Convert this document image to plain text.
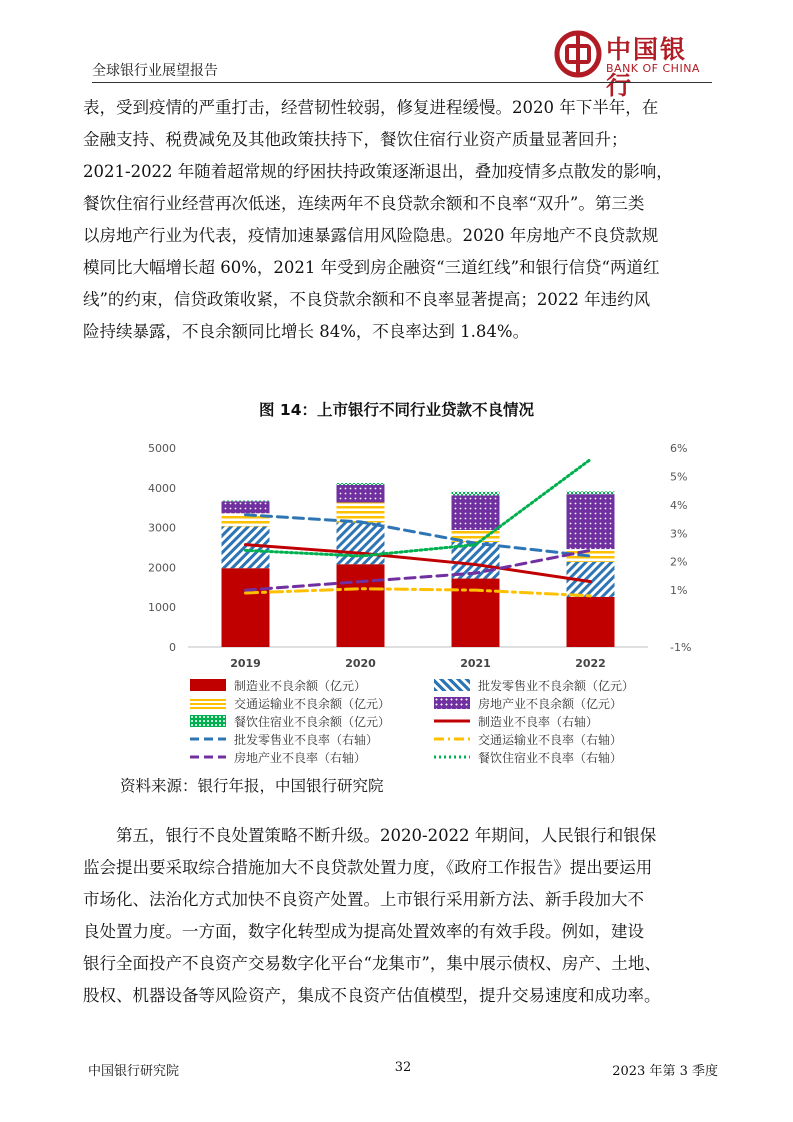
全球银行业展望报告
中国银行
BANK OF CHINA
表，受到疫情的严重打击，经营韧性较弱，修复进程缓慢。2020 年下半年，在
金融支持、税费减免及其他政策扶持下，餐饮住宿行业资产质量显著回升；
2021-2022 年随着超常规的纾困扶持政策逐渐退出，叠加疫情多点散发的影响，
餐饮住宿行业经营再次低迷，连续两年不良贷款余额和不良率“双升”。第三类
以房地产行业为代表，疫情加速暴露信用风险隐患。2020 年房地产不良贷款规
模同比大幅增长超 60%，2021 年受到房企融资“三道红线”和银行信贷“两道红
线”的约束，信贷政策收紧，不良贷款余额和不良率显著提高；2022 年违约风
险持续暴露，不良余额同比增长 84%，不良率达到 1.84%。
图 14：上市银行不同行业贷款不良情况
0
1000
2000
3000
4000
5000
-1%
1%
2%
3%
4%
5%
6%
2019	2020	2021	2022
制造业不良余额（亿元）	批发零售业不良余额（亿元）
交通运输业不良余额（亿元）	房地产业不良余额（亿元）
餐饮住宿业不良余额（亿元）	制造业不良率（右轴）
批发零售业不良率（右轴）	交通运输业不良率（右轴）
房地产业不良率（右轴）	餐饮住宿业不良率（右轴）
资料来源：银行年报，中国银行研究院
第五，银行不良处置策略不断升级。2020-2022 年期间，人民银行和银保
监会提出要采取综合措施加大不良贷款处置力度，《政府工作报告》提出要运用
市场化、法治化方式加快不良资产处置。上市银行采用新方法、新手段加大不
良处置力度。一方面，数字化转型成为提高处置效率的有效手段。例如，建设
银行全面投产不良资产交易数字化平台“龙集市”，集中展示债权、房产、土地、
股权、机器设备等风险资产，集成不良资产估值模型，提升交易速度和成功率。
中国银行研究院	32	2023 年第 3 季度
